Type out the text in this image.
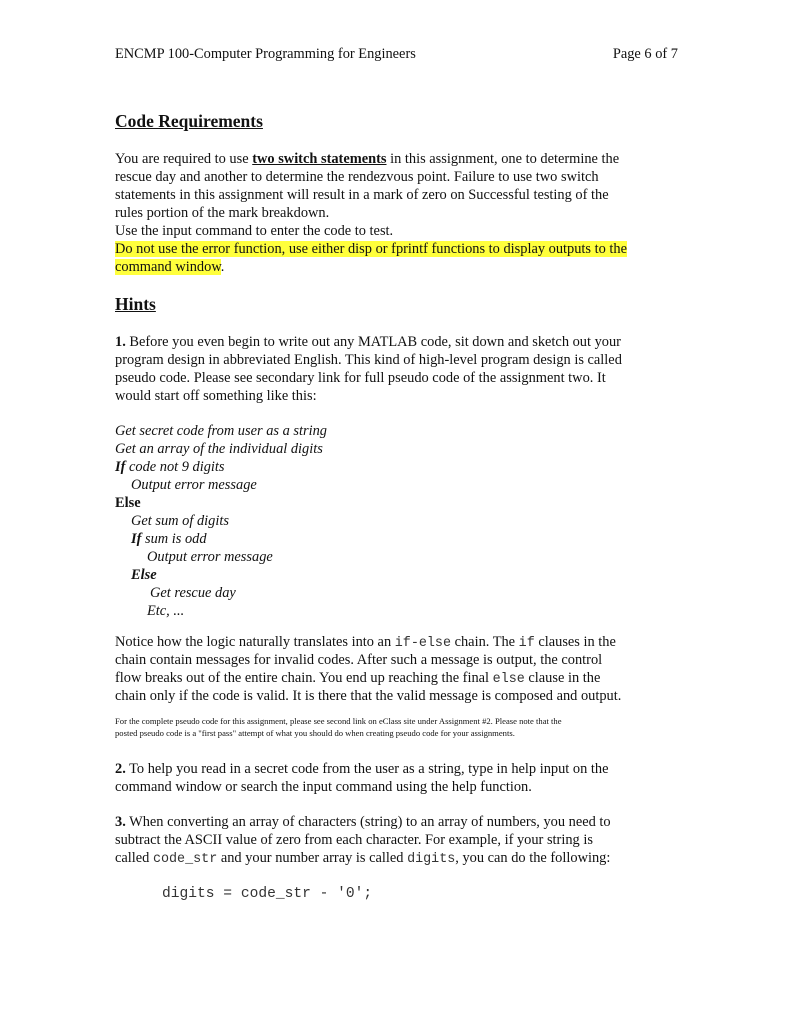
ENCMP 100-Computer Programming for Engineers	Page 6 of 7
Code Requirements
You are required to use two switch statements in this assignment, one to determine the
rescue day and another to determine the rendezvous point. Failure to use two switch
statements in this assignment will result in a mark of zero on Successful testing of the
rules portion of the mark breakdown.
Use the input command to enter the code to test.
Do not use the error function, use either disp or fprintf functions to display outputs to the
command window.
Hints
1. Before you even begin to write out any MATLAB code, sit down and sketch out your
program design in abbreviated English. This kind of high-level program design is called
pseudo code. Please see secondary link for full pseudo code of the assignment two. It
would start off something like this:
Get secret code from user as a string
Get an array of the individual digits
If code not 9 digits
Output error message
Else
Get sum of digits
If sum is odd
Output error message
Else
Get rescue day
Etc, ...
Notice how the logic naturally translates into an if-else chain. The if clauses in the
chain contain messages for invalid codes. After such a message is output, the control
flow breaks out of the entire chain. You end up reaching the final else clause in the
chain only if the code is valid. It is there that the valid message is composed and output.
For the complete pseudo code for this assignment, please see second link on eClass site under Assignment #2. Please note that the
posted pseudo code is a "first pass" attempt of what you should do when creating pseudo code for your assignments.
2. To help you read in a secret code from the user as a string, type in help input on the
command window or search the input command using the help function.
3. When converting an array of characters (string) to an array of numbers, you need to
subtract the ASCII value of zero from each character. For example, if your string is
called code_str and your number array is called digits, you can do the following:
digits = code_str - '0';
